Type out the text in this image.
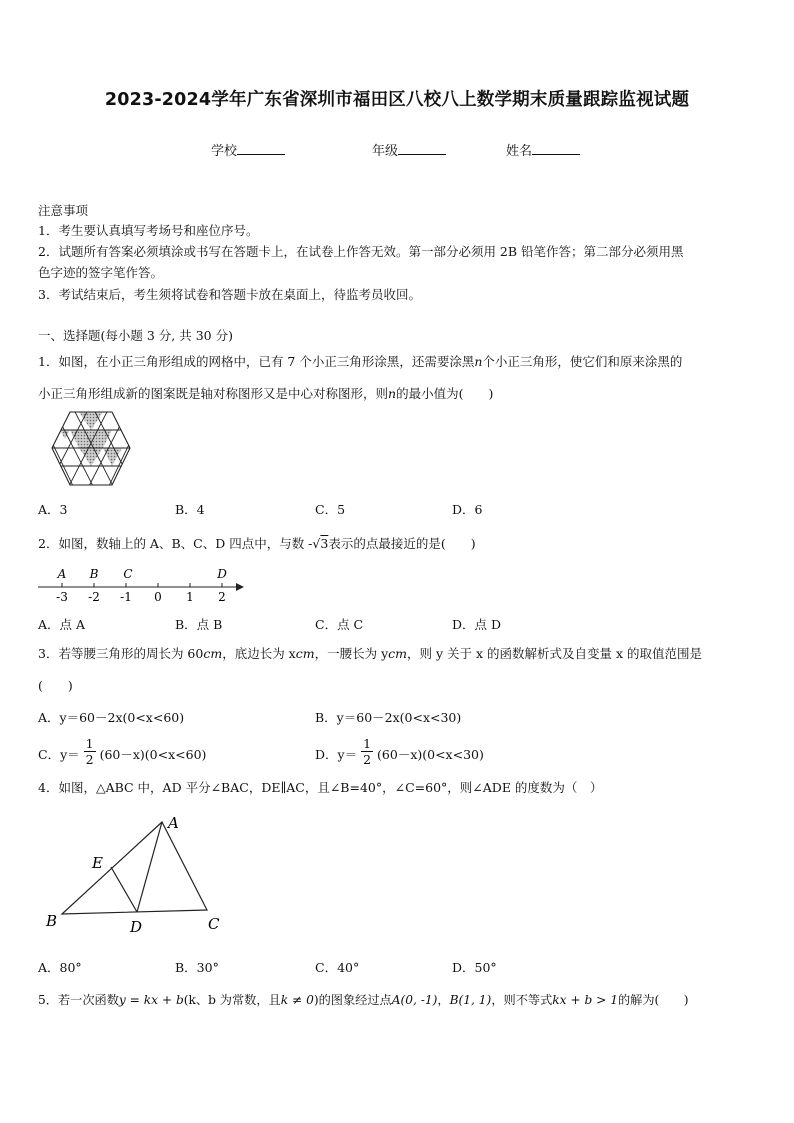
2023-2024学年广东省深圳市福田区八校八上数学期末质量跟踪监视试题
学校	年级	姓名
注意事项
1．考生要认真填写考场号和座位序号。
2．试题所有答案必须填涂或书写在答题卡上，在试卷上作答无效。第一部分必须用 2B 铅笔作答；第二部分必须用黑
色字迹的签字笔作答。
3．考试结束后，考生须将试卷和答题卡放在桌面上，待监考员收回。
一、选择题(每小题 3 分, 共 30 分)
1．如图，在小正三角形组成的网格中，已有 7 个小正三角形涂黑，还需要涂黑n个小正三角形，使它们和原来涂黑的
小正三角形组成新的图案既是轴对称图形又是中心对称图形，则n的最小值为(　　)
A．3	B．4	C．5	D．6
2．如图，数轴上的 A、B、C、D 四点中，与数 -√3表示的点最接近的是(　　)
A B C	D
-3 -2 -1 0 1 2
A．点 A	B．点 B	C．点 C	D．点 D
3．若等腰三角形的周长为 60cm，底边长为 xcm，一腰长为 ycm，则 y 关于 x 的函数解析式及自变量 x 的取值范围是
(　　)
A．y＝60－2x(0<x<60)	B．y＝60－2x(0<x<30)
C．$y= \frac{1}{2} (60-x)(0<x<60)$	D．$y= \frac{1}{2} (60-x)(0<x<30)$
4．如图，△ABC 中，AD 平分∠BAC，DE∥AC，且∠B=40°，∠C=60°，则∠ADE 的度数为（　）
A
B	C
D
E
A．80°	B．30°	C．40°	D．50°
5．若一次函数y = kx + b(k、b 为常数，且k ≠ 0)的图象经过点A(0, -1)，B(1, 1)，则不等式kx + b > 1的解为(　　)
